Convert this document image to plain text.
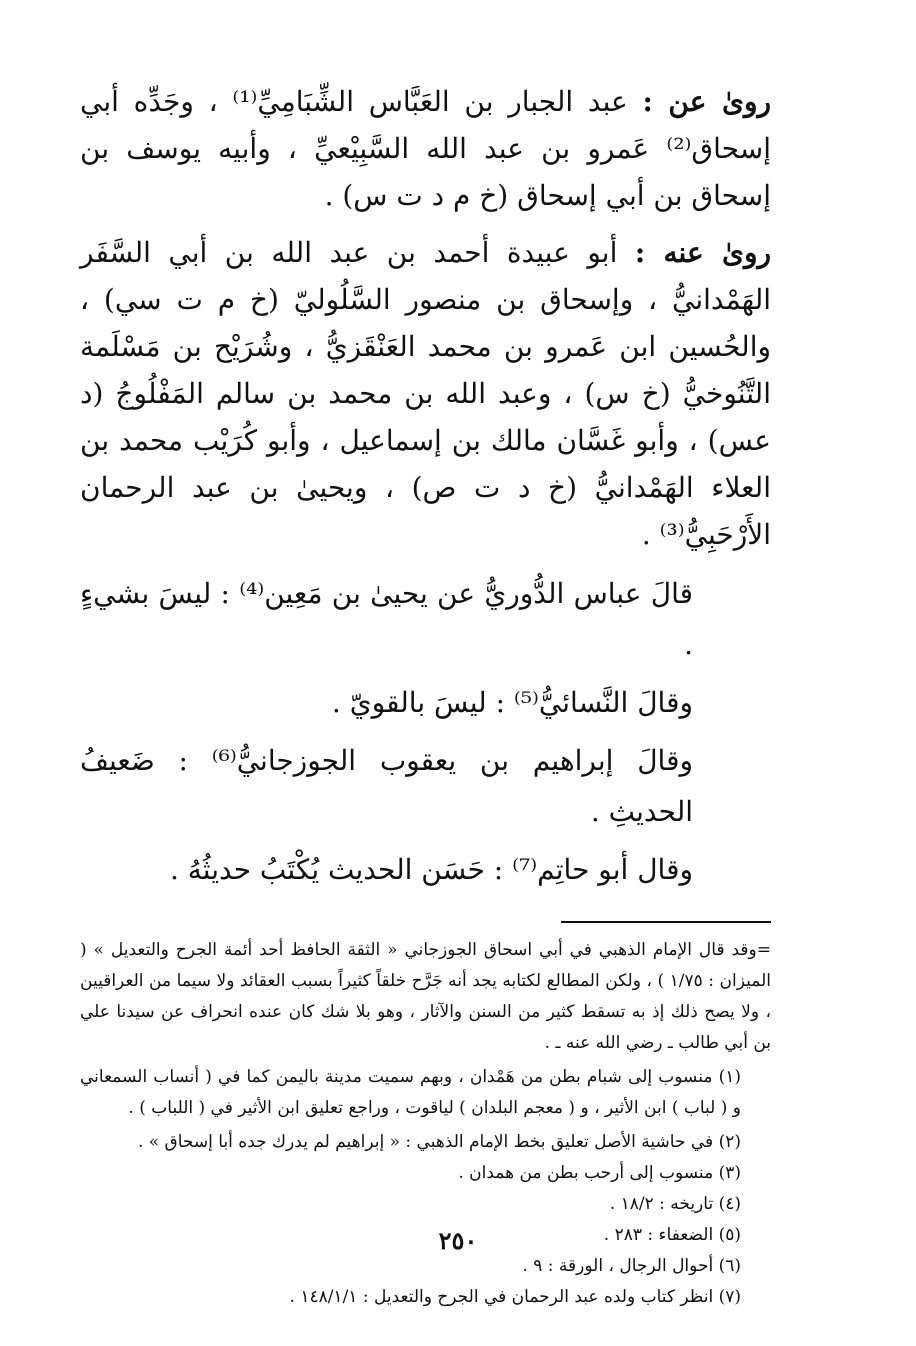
روىٰ عن : عبد الجبار بن العَبَّاس الشِّبَامِيِّ⁽¹⁾ ، وجَدِّه أبي إسحاق⁽²⁾ عَمرو بن عبد الله السَّبِيْعيِّ ، وأبيه يوسف بن إسحاق بن أبي إسحاق (خ م د ت س) .

روىٰ عنه : أبو عبيدة أحمد بن عبد الله بن أبي السَّفَر الهَمْدانيُّ ، وإسحاق بن منصور السَّلُوليّ (خ م ت سي) ، والحُسين ابن عَمرو بن محمد العَنْقَزيُّ ، وشُرَيْح بن مَسْلَمة التَّنُوخيُّ (خ س) ، وعبد الله بن محمد بن سالم المَفْلُوجُ (د عس) ، وأبو غَسَّان مالك بن إسماعيل ، وأبو كُرَيْب محمد بن العلاء الهَمْدانيُّ (خ د ت ص) ، ويحيىٰ بن عبد الرحمان الأَرْحَبِيُّ⁽³⁾ .

قالَ عباس الدُّوريُّ عن يحيىٰ بن مَعِين⁽⁴⁾ : ليسَ بشيءٍ .

وقالَ النَّسائيُّ⁽⁵⁾ : ليسَ بالقويّ .

وقالَ إبراهيم بن يعقوب الجوزجانيُّ⁽⁶⁾ : ضَعيفُ الحديثِ .

وقال أبو حاتِم⁽⁷⁾ : حَسَن الحديث يُكْتَبُ حديثُهُ .

=وقد قال الإمام الذهبي في أبي اسحاق الجوزجاني « الثقة الحافظ أحد أئمة الجرح والتعديل » ( الميزان : ١/٧٥ ) ، ولكن المطالع لكتابه يجد أنه جَرَّح خلقاً كثيراً بسبب العقائد ولا سيما من العراقيين ، ولا يصح ذلك إذ به تسقط كثير من السنن والآثار ، وهو بلا شك كان عنده انحراف عن سيدنا علي بن أبي طالب ـ رضي الله عنه ـ .

(١) منسوب إلى شبام بطن من هَمْدان ، وبهم سميت مدينة باليمن كما في ( أنساب السمعاني و ( لباب ) ابن الأثير ، و ( معجم البلدان ) لياقوت ، وراجع تعليق ابن الأثير في ( اللباب ) .

(٢) في حاشية الأصل تعليق بخط الإمام الذهبي : « إبراهيم لم يدرك جده أبا إسحاق » .

(٣) منسوب إلى أرحب بطن من همدان .

(٤) تاريخه : ١٨/٢ .

(٥) الضعفاء : ٢٨٣ .

(٦) أحوال الرجال ، الورقة : ٩ .

(٧) انظر كتاب ولده عبد الرحمان في الجرح والتعديل : ١٤٨/١/١ .

٢٥٠
